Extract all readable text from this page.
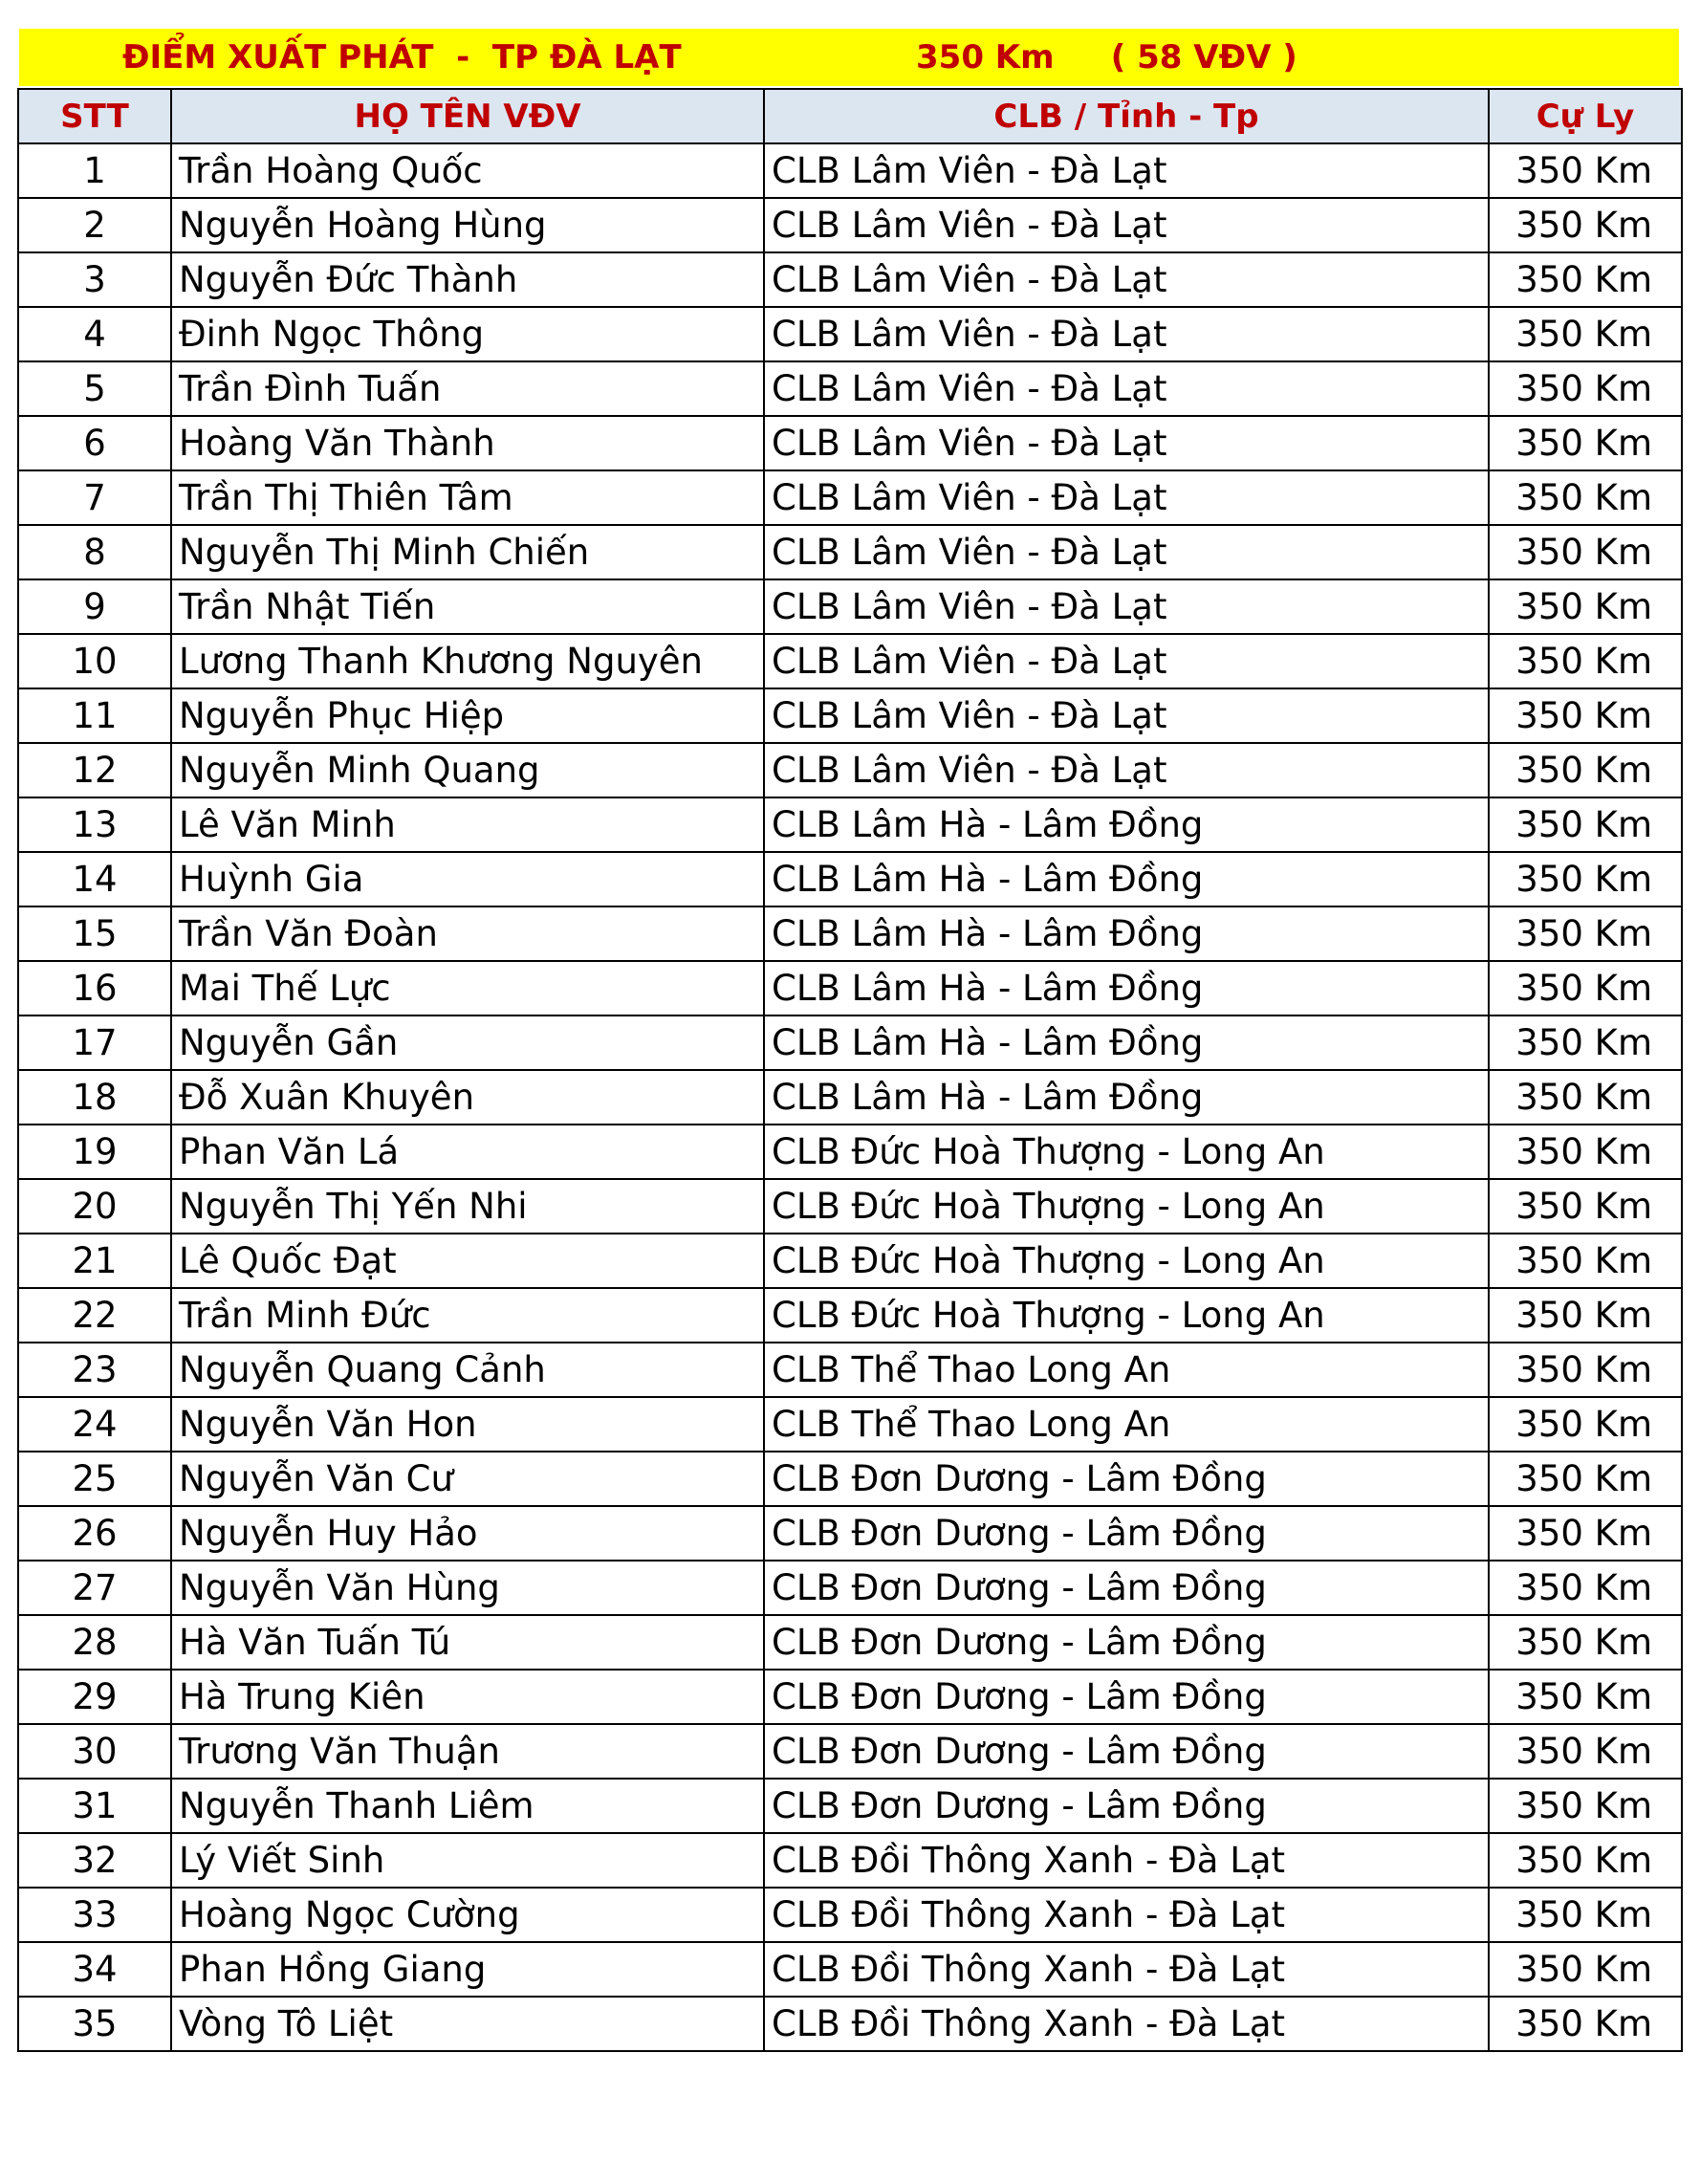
ĐIỂM XUẤT PHÁT  -  TP ĐÀ LẠT	350 Km     ( 58 VĐV )
STT	HỌ TÊN VĐV	CLB / Tỉnh - Tp	Cự Ly
1	Trần Hoàng Quốc	CLB Lâm Viên - Đà Lạt	350 Km
2	Nguyễn Hoàng Hùng	CLB Lâm Viên - Đà Lạt	350 Km
3	Nguyễn Đức Thành	CLB Lâm Viên - Đà Lạt	350 Km
4	Đinh Ngọc Thông	CLB Lâm Viên - Đà Lạt	350 Km
5	Trần Đình Tuấn	CLB Lâm Viên - Đà Lạt	350 Km
6	Hoàng Văn Thành	CLB Lâm Viên - Đà Lạt	350 Km
7	Trần Thị Thiên Tâm	CLB Lâm Viên - Đà Lạt	350 Km
8	Nguyễn Thị Minh Chiến	CLB Lâm Viên - Đà Lạt	350 Km
9	Trần Nhật Tiến	CLB Lâm Viên - Đà Lạt	350 Km
10	Lương Thanh Khương Nguyên	CLB Lâm Viên - Đà Lạt	350 Km
11	Nguyễn Phục Hiệp	CLB Lâm Viên - Đà Lạt	350 Km
12	Nguyễn Minh Quang	CLB Lâm Viên - Đà Lạt	350 Km
13	Lê Văn Minh	CLB Lâm Hà - Lâm Đồng	350 Km
14	Huỳnh Gia	CLB Lâm Hà - Lâm Đồng	350 Km
15	Trần Văn Đoàn	CLB Lâm Hà - Lâm Đồng	350 Km
16	Mai Thế Lực	CLB Lâm Hà - Lâm Đồng	350 Km
17	Nguyễn Gần	CLB Lâm Hà - Lâm Đồng	350 Km
18	Đỗ Xuân Khuyên	CLB Lâm Hà - Lâm Đồng	350 Km
19	Phan Văn Lá	CLB Đức Hoà Thượng - Long An	350 Km
20	Nguyễn Thị Yến Nhi	CLB Đức Hoà Thượng - Long An	350 Km
21	Lê Quốc Đạt	CLB Đức Hoà Thượng - Long An	350 Km
22	Trần Minh Đức	CLB Đức Hoà Thượng - Long An	350 Km
23	Nguyễn Quang Cảnh	CLB Thể Thao Long An	350 Km
24	Nguyễn Văn Hon	CLB Thể Thao Long An	350 Km
25	Nguyễn Văn Cư	CLB Đơn Dương - Lâm Đồng	350 Km
26	Nguyễn Huy Hảo	CLB Đơn Dương - Lâm Đồng	350 Km
27	Nguyễn Văn Hùng	CLB Đơn Dương - Lâm Đồng	350 Km
28	Hà Văn Tuấn Tú	CLB Đơn Dương - Lâm Đồng	350 Km
29	Hà Trung Kiên	CLB Đơn Dương - Lâm Đồng	350 Km
30	Trương Văn Thuận	CLB Đơn Dương - Lâm Đồng	350 Km
31	Nguyễn Thanh Liêm	CLB Đơn Dương - Lâm Đồng	350 Km
32	Lý Viết Sinh	CLB Đồi Thông Xanh - Đà Lạt	350 Km
33	Hoàng Ngọc Cường	CLB Đồi Thông Xanh - Đà Lạt	350 Km
34	Phan Hồng Giang	CLB Đồi Thông Xanh - Đà Lạt	350 Km
35	Vòng Tô Liệt	CLB Đồi Thông Xanh - Đà Lạt	350 Km
